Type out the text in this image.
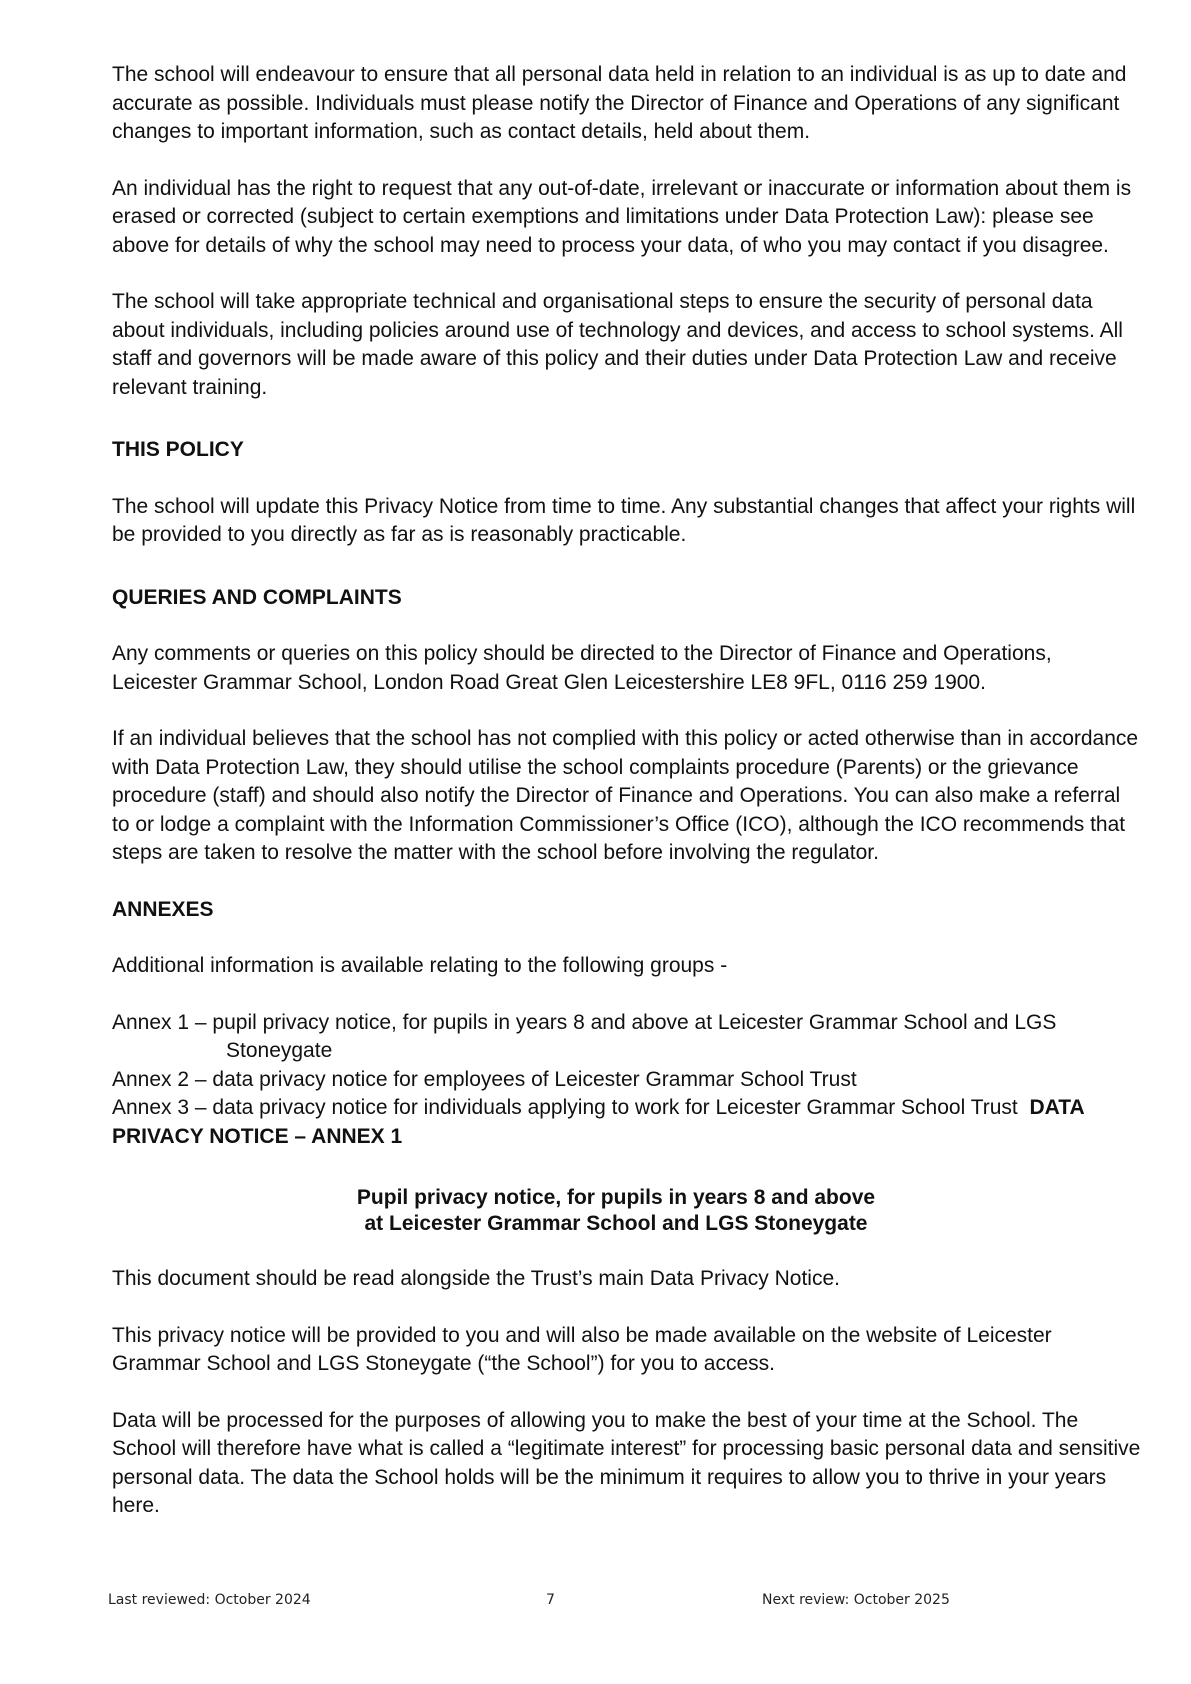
The school will endeavour to ensure that all personal data held in relation to an individual is as up to date and accurate as possible. Individuals must please notify the Director of Finance and Operations of any significant changes to important information, such as contact details, held about them.

An individual has the right to request that any out-of-date, irrelevant or inaccurate or information about them is erased or corrected (subject to certain exemptions and limitations under Data Protection Law): please see above for details of why the school may need to process your data, of who you may contact if you disagree.

The school will take appropriate technical and organisational steps to ensure the security of personal data about individuals, including policies around use of technology and devices, and access to school systems. All staff and governors will be made aware of this policy and their duties under Data Protection Law and receive relevant training.

THIS POLICY

The school will update this Privacy Notice from time to time. Any substantial changes that affect your rights will be provided to you directly as far as is reasonably practicable.

QUERIES AND COMPLAINTS

Any comments or queries on this policy should be directed to the Director of Finance and Operations, Leicester Grammar School, London Road Great Glen Leicestershire LE8 9FL, 0116 259 1900.

If an individual believes that the school has not complied with this policy or acted otherwise than in accordance with Data Protection Law, they should utilise the school complaints procedure (Parents) or the grievance procedure (staff) and should also notify the Director of Finance and Operations. You can also make a referral to or lodge a complaint with the Information Commissioner’s Office (ICO), although the ICO recommends that steps are taken to resolve the matter with the school before involving the regulator.

ANNEXES

Additional information is available relating to the following groups -

Annex 1 – pupil privacy notice, for pupils in years 8 and above at Leicester Grammar School and LGS
Stoneygate
Annex 2 – data privacy notice for employees of Leicester Grammar School Trust
Annex 3 – data privacy notice for individuals applying to work for Leicester Grammar School Trust DATA PRIVACY NOTICE – ANNEX 1
Pupil privacy notice, for pupils in years 8 and above
at Leicester Grammar School and LGS Stoneygate

This document should be read alongside the Trust’s main Data Privacy Notice.

This privacy notice will be provided to you and will also be made available on the website of Leicester Grammar School and LGS Stoneygate (“the School”) for you to access.

Data will be processed for the purposes of allowing you to make the best of your time at the School. The School will therefore have what is called a “legitimate interest” for processing basic personal data and sensitive personal data. The data the School holds will be the minimum it requires to allow you to thrive in your years here.

Last reviewed: October 2024	7	Next review: October 2025
